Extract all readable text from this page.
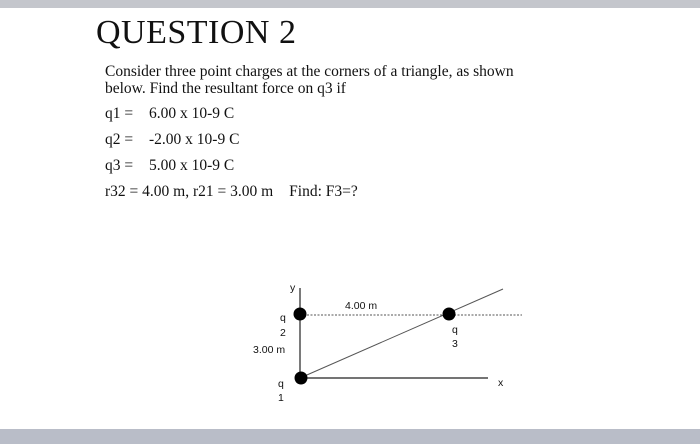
QUESTION 2
Consider three point charges at the corners of a triangle, as shown
below. Find the resultant force on q3 if
q1 = 6.00 x 10-9 C
q2 = -2.00 x 10-9 C
q3 = 5.00 x 10-9 C
r32 = 4.00 m, r21 = 3.00 m Find: F3=?
y
x
4.00 m
3.00 m
q
2	q
3
q
1
